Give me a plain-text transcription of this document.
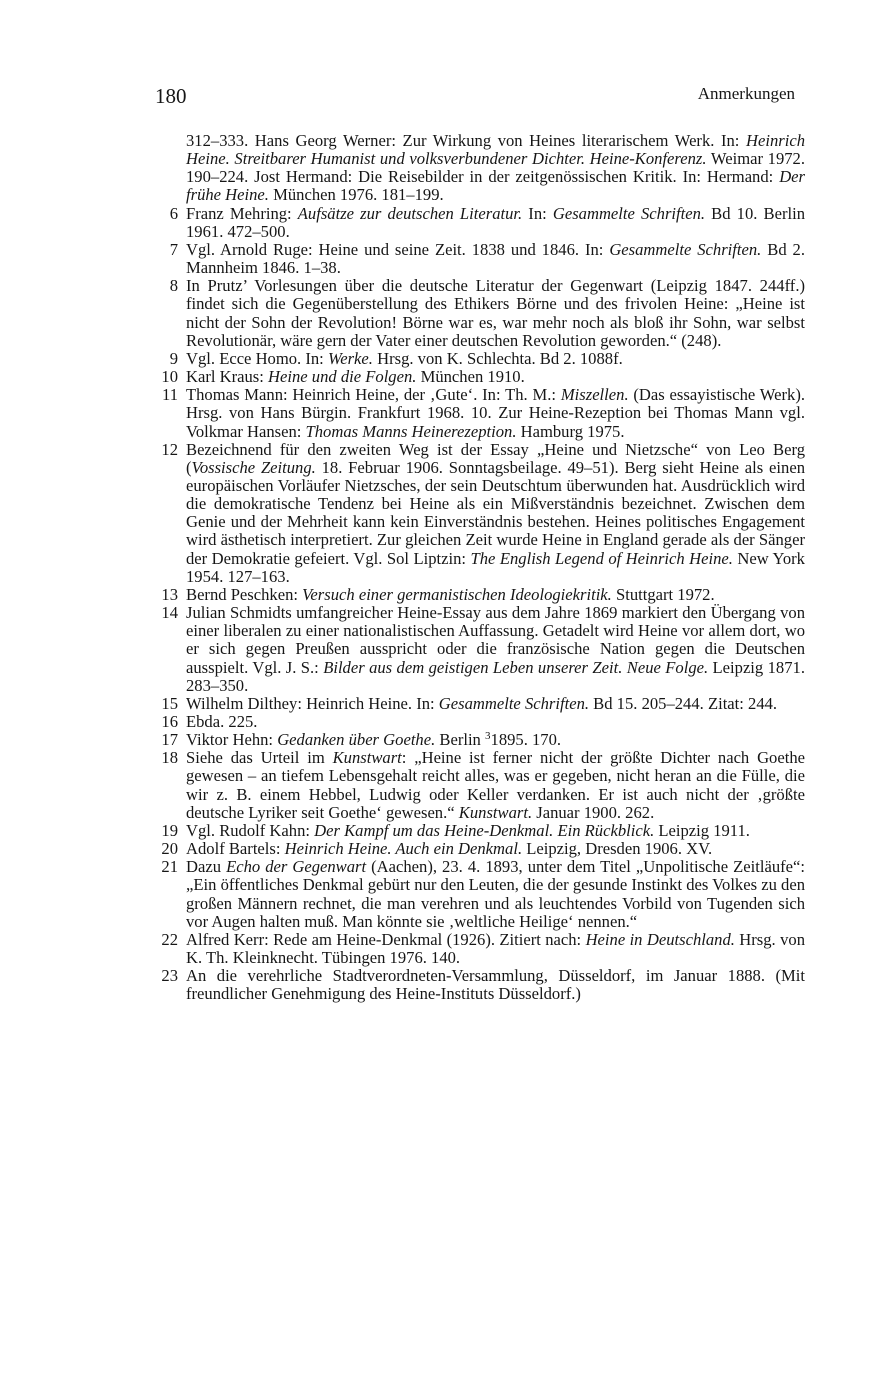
180	Anmerkungen

312–333. Hans Georg Werner: Zur Wirkung von Heines literarischem Werk. In: Heinrich Heine. Streitbarer Humanist und volksverbundener Dichter. Heine-Konferenz. Weimar 1972. 190–224. Jost Hermand: Die Reisebilder in der zeitgenössischen Kritik. In: Hermand: Der frühe Heine. München 1976. 181–199.

6 Franz Mehring: Aufsätze zur deutschen Literatur. In: Gesammelte Schriften. Bd 10. Berlin 1961. 472–500.

7 Vgl. Arnold Ruge: Heine und seine Zeit. 1838 und 1846. In: Gesammelte Schriften. Bd 2. Mannheim 1846. 1–38.

8 In Prutz’ Vorlesungen über die deutsche Literatur der Gegenwart (Leipzig 1847. 244ff.) findet sich die Gegenüberstellung des Ethikers Börne und des frivolen Heine: „Heine ist nicht der Sohn der Revolution! Börne war es, war mehr noch als bloß ihr Sohn, war selbst Revolutionär, wäre gern der Vater einer deutschen Revolution geworden.“ (248).

9 Vgl. Ecce Homo. In: Werke. Hrsg. von K. Schlechta. Bd 2. 1088f.

10 Karl Kraus: Heine und die Folgen. München 1910.

11 Thomas Mann: Heinrich Heine, der ‚Gute‘. In: Th. M.: Miszellen. (Das essayistische Werk). Hrsg. von Hans Bürgin. Frankfurt 1968. 10. Zur Heine-Rezeption bei Thomas Mann vgl. Volkmar Hansen: Thomas Manns Heinerezeption. Hamburg 1975.

12 Bezeichnend für den zweiten Weg ist der Essay „Heine und Nietzsche“ von Leo Berg (Vossische Zeitung. 18. Februar 1906. Sonntagsbeilage. 49–51). Berg sieht Heine als einen europäischen Vorläufer Nietzsches, der sein Deutschtum überwunden hat. Ausdrücklich wird die demokratische Tendenz bei Heine als ein Mißverständnis bezeichnet. Zwischen dem Genie und der Mehrheit kann kein Einverständnis bestehen. Heines politisches Engagement wird ästhetisch interpretiert. Zur gleichen Zeit wurde Heine in England gerade als der Sänger der Demokratie gefeiert. Vgl. Sol Liptzin: The English Legend of Heinrich Heine. New York 1954. 127–163.

13 Bernd Peschken: Versuch einer germanistischen Ideologiekritik. Stuttgart 1972.

14 Julian Schmidts umfangreicher Heine-Essay aus dem Jahre 1869 markiert den Übergang von einer liberalen zu einer nationalistischen Auffassung. Getadelt wird Heine vor allem dort, wo er sich gegen Preußen ausspricht oder die französische Nation gegen die Deutschen ausspielt. Vgl. J. S.: Bilder aus dem geistigen Leben unserer Zeit. Neue Folge. Leipzig 1871. 283–350.

15 Wilhelm Dilthey: Heinrich Heine. In: Gesammelte Schriften. Bd 15. 205–244. Zitat: 244.

16 Ebda. 225.

17 Viktor Hehn: Gedanken über Goethe. Berlin $^3$1895. 170.

18 Siehe das Urteil im Kunstwart: „Heine ist ferner nicht der größte Dichter nach Goethe gewesen – an tiefem Lebensgehalt reicht alles, was er gegeben, nicht heran an die Fülle, die wir z. B. einem Hebbel, Ludwig oder Keller verdanken. Er ist auch nicht der ‚größte deutsche Lyriker seit Goethe‘ gewesen.“ Kunstwart. Januar 1900. 262.

19 Vgl. Rudolf Kahn: Der Kampf um das Heine-Denkmal. Ein Rückblick. Leipzig 1911.

20 Adolf Bartels: Heinrich Heine. Auch ein Denkmal. Leipzig, Dresden 1906. XV.

21 Dazu Echo der Gegenwart (Aachen), 23. 4. 1893, unter dem Titel „Unpolitische Zeitläufe“: „Ein öffentliches Denkmal gebürt nur den Leuten, die der gesunde Instinkt des Volkes zu den großen Männern rechnet, die man verehren und als leuchtendes Vorbild von Tugenden sich vor Augen halten muß. Man könnte sie ‚weltliche Heilige‘ nennen.“

22 Alfred Kerr: Rede am Heine-Denkmal (1926). Zitiert nach: Heine in Deutschland. Hrsg. von K. Th. Kleinknecht. Tübingen 1976. 140.

23 An die verehrliche Stadtverordneten-Versammlung, Düsseldorf, im Januar 1888. (Mit freundlicher Genehmigung des Heine-Instituts Düsseldorf.)
